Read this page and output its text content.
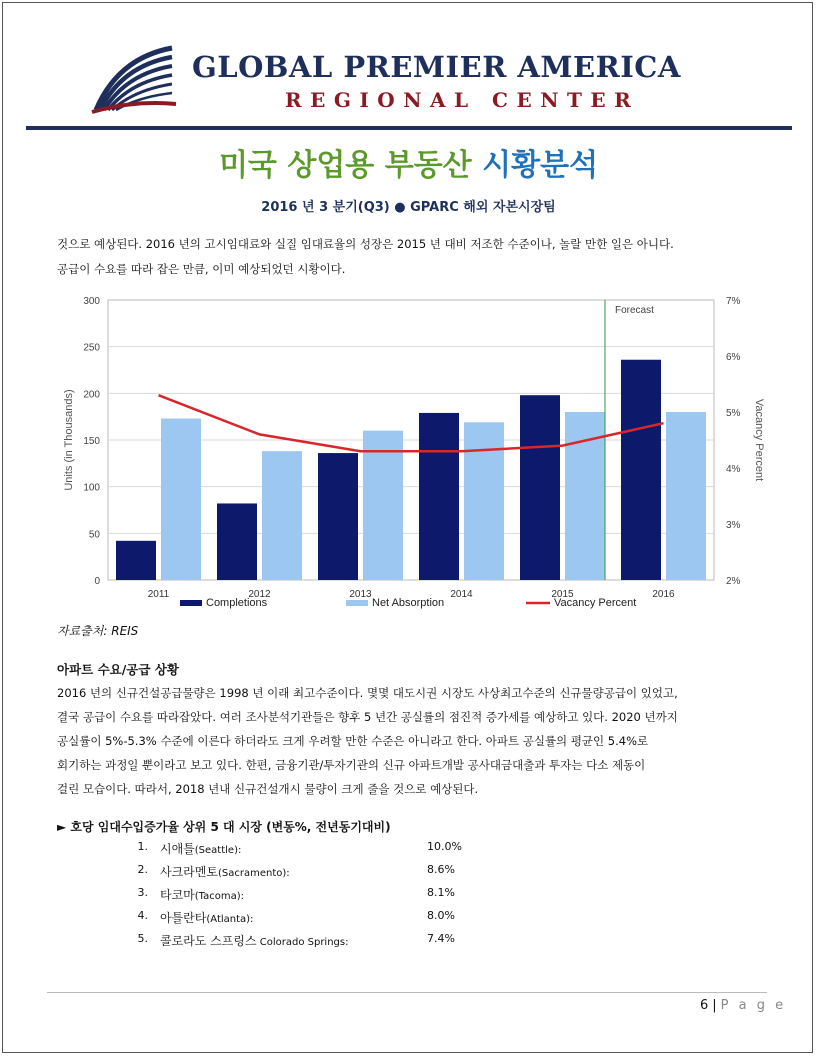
GLOBAL PREMIER AMERICA
REGIONAL CENTER
미국 상업용 부동산 시황분석
2016 년 3 분기(Q3) ● GPARC 해외 자본시장팀
것으로 예상된다. 2016 년의 고시임대료와 실질 임대료율의 성장은 2015 년 대비 저조한 수준이나, 놀랄 만한 일은 아니다.
공급이 수요를 따라 잡은 만큼, 이미 예상되었던 시황이다.
0
50
100
150
200
250
300
2%
3%
4%
5%
6%
7%
2011	2012	2013	2014	2015	2016
Forecast
Units (in Thousands)	Vacancy Percent
Completions	Net Absorption	Vacancy Percent
자료출처: REIS
아파트 수요/공급 상황
2016 년의 신규건설공급물량은 1998 년 이래 최고수준이다. 몇몇 대도시권 시장도 사상최고수준의 신규물량공급이 있었고,
결국 공급이 수요를 따라잡았다. 여러 조사분석기관들은 향후 5 년간 공실률의 점진적 증가세를 예상하고 있다. 2020 년까지
공실률이 5%-5.3% 수준에 이른다 하더라도 크게 우려할 만한 수준은 아니라고 한다. 아파트 공실률의 평균인 5.4%로
회기하는 과정일 뿐이라고 보고 있다. 한편, 금융기관/투자기관의 신규 아파트개발 공사대금대출과 투자는 다소 제동이
걸린 모습이다. 따라서, 2018 년내 신규건설개시 물량이 크게 줄을 것으로 예상된다.
► 호당 임대수입증가율 상위 5 대 시장 (변동%, 전년동기대비)
1. 시애틀(Seattle):	10.0%
2. 사크라멘토(Sacramento):	8.6%
3. 타코마(Tacoma):	8.1%
4. 아틀란타(Atlanta):	8.0%
5. 콜로라도 스프링스 Colorado Springs:	7.4%
6 | P a g e
